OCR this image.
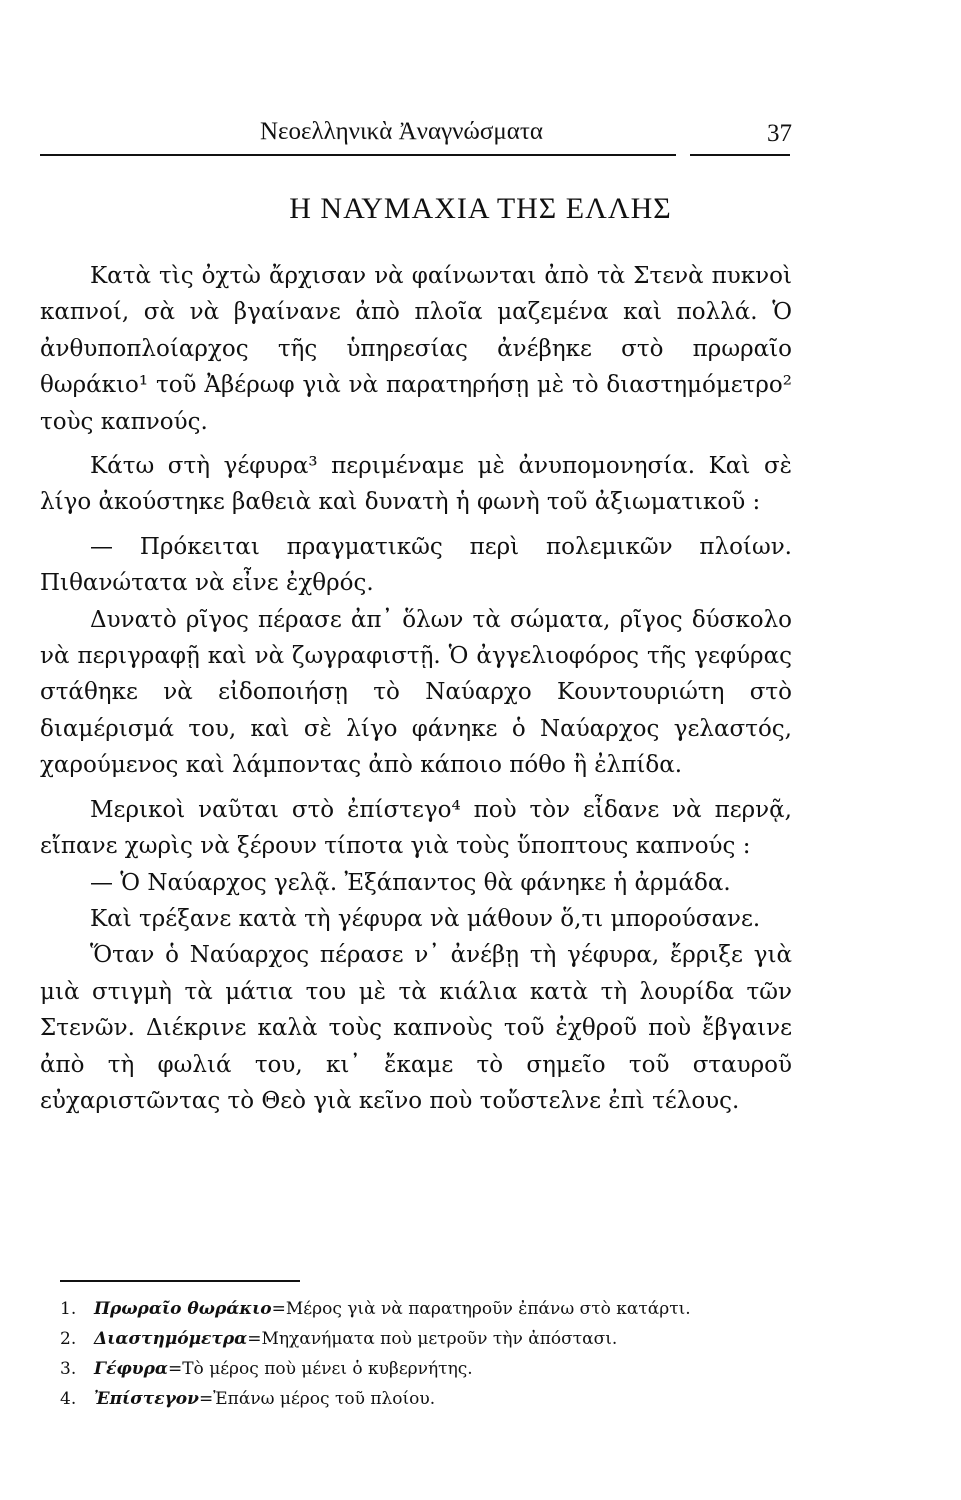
Νεοελληνικὰ Ἀναγνώσματα	37
Η ΝΑΥΜΑΧΙΑ ΤΗΣ ΕΛΛΗΣ

Κατὰ τὶς ὀχτὼ ἄρχισαν νὰ φαίνωνται ἀπὸ τὰ Στενὰ πυκνοὶ καπνοί, σὰ νὰ βγαίνανε ἀπὸ πλοῖα μαζεμένα καὶ πολλά. Ὁ ἀνθυποπλοίαρχος τῆς ὑπηρεσίας ἀνέβηκε στὸ πρωραῖο θωράκιο¹ τοῦ Ἀβέρωφ γιὰ νὰ παρατηρήσῃ μὲ τὸ διαστημόμετρο² τοὺς καπνούς.

Κάτω στὴ γέφυρα³ περιμέναμε μὲ ἀνυπομονησία. Καὶ σὲ λίγο ἀκούστηκε βαθειὰ καὶ δυνατὴ ἡ φωνὴ τοῦ ἀξιωματικοῦ :

— Πρόκειται πραγματικῶς περὶ πολεμικῶν πλοίων. Πιθανώτατα νὰ εἶνε ἐχθρός.

Δυνατὸ ρῖγος πέρασε ἀπ᾽ ὅλων τὰ σώματα, ρῖγος δύσκολο νὰ περιγραφῇ καὶ νὰ ζωγραφιστῇ. Ὁ ἀγγελιοφόρος τῆς γεφύρας στάθηκε νὰ εἰδοποιήσῃ τὸ Ναύαρχο Κουντουριώτη στὸ διαμέρισμά του, καὶ σὲ λίγο φάνηκε ὁ Ναύαρχος γελαστός, χαρούμενος καὶ λάμποντας ἀπὸ κάποιο πόθο ἢ ἐλπίδα.

Μερικοὶ ναῦται στὸ ἐπίστεγο⁴ ποὺ τὸν εἶδανε νὰ περνᾷ, εἴπανε χωρὶς νὰ ξέρουν τίποτα γιὰ τοὺς ὕποπτους καπνούς :

— Ὁ Ναύαρχος γελᾷ. Ἐξάπαντος θὰ φάνηκε ἡ ἀρμάδα.

Καὶ τρέξανε κατὰ τὴ γέφυρα νὰ μάθουν ὅ,τι μπορούσανε.

Ὅταν ὁ Ναύαρχος πέρασε ν᾽ ἀνέβῃ τὴ γέφυρα, ἔρριξε γιὰ μιὰ στιγμὴ τὰ μάτια του μὲ τὰ κιάλια κατὰ τὴ λουρίδα τῶν Στενῶν. Διέκρινε καλὰ τοὺς καπνοὺς τοῦ ἐχθροῦ ποὺ ἔβγαινε ἀπὸ τὴ φωλιά του, κι᾽ ἔκαμε τὸ σημεῖο τοῦ σταυροῦ εὐχαριστῶντας τὸ Θεὸ γιὰ κεῖνο ποὺ τοὔστελνε ἐπὶ τέλους.

1. Πρωραῖο θωράκιο=Μέρος γιὰ νὰ παρατηροῦν ἐπάνω στὸ κατάρτι.
2. Διαστημόμετρα=Μηχανήματα ποὺ μετροῦν τὴν ἀπόστασι.
3. Γέφυρα=Τὸ μέρος ποὺ μένει ὁ κυβερνήτης.
4. Ἐπίστεγον=Ἐπάνω μέρος τοῦ πλοίου.
